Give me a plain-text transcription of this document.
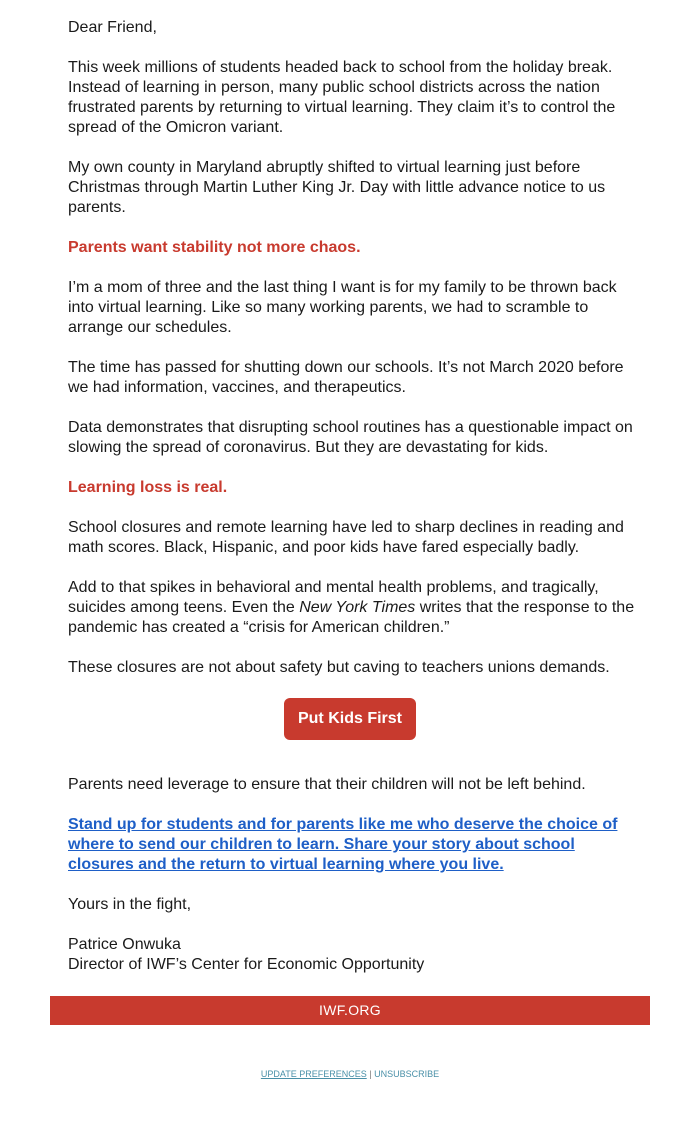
Dear Friend,

This week millions of students headed back to school from the holiday break. Instead of learning in person, many public school districts across the nation frustrated parents by returning to virtual learning. They claim it’s to control the spread of the Omicron variant.

My own county in Maryland abruptly shifted to virtual learning just before Christmas through Martin Luther King Jr. Day with little advance notice to us parents.

Parents want stability not more chaos.

I’m a mom of three and the last thing I want is for my family to be thrown back into virtual learning. Like so many working parents, we had to scramble to arrange our schedules.

The time has passed for shutting down our schools. It’s not March 2020 before we had information, vaccines, and therapeutics.

Data demonstrates that disrupting school routines has a questionable impact on slowing the spread of coronavirus. But they are devastating for kids.

Learning loss is real.

School closures and remote learning have led to sharp declines in reading and math scores. Black, Hispanic, and poor kids have fared especially badly.

Add to that spikes in behavioral and mental health problems, and tragically, suicides among teens. Even the New York Times writes that the response to the pandemic has created a “crisis for American children.”

These closures are not about safety but caving to teachers unions demands.

Put Kids First

Parents need leverage to ensure that their children will not be left behind.

Stand up for students and for parents like me who deserve the choice of where to send our children to learn. Share your story about school closures and the return to virtual learning where you live.

Yours in the fight,

Patrice Onwuka
Director of IWF’s Center for Economic Opportunity

IWF.ORG
UPDATE PREFERENCES | UNSUBSCRIBE
